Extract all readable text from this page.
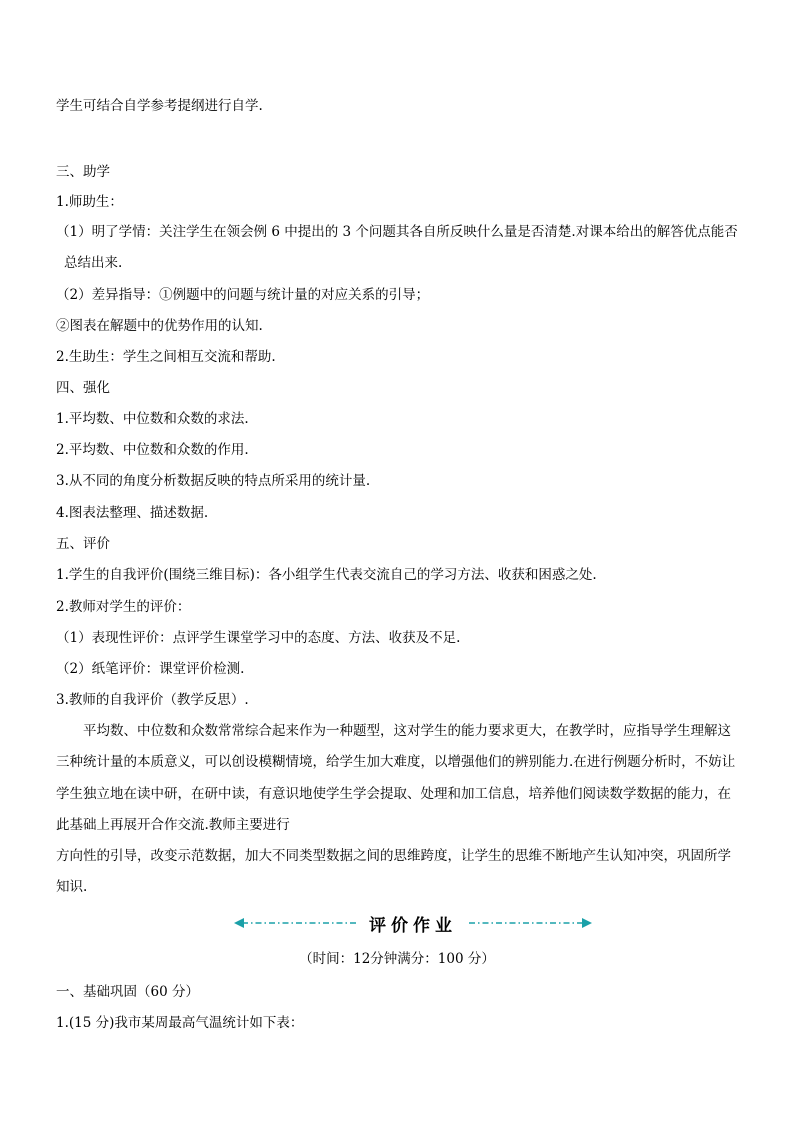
学生可结合自学参考提纲进行自学.
三、助学
1.师助生：
（1）明了学情：关注学生在领会例 6 中提出的 3 个问题其各自所反映什么量是否清楚.对课本给出的解答优点能否
总结出来.
（2）差异指导：①例题中的问题与统计量的对应关系的引导；
②图表在解题中的优势作用的认知.
2.生助生：学生之间相互交流和帮助.
四、强化
1.平均数、中位数和众数的求法.
2.平均数、中位数和众数的作用.
3.从不同的角度分析数据反映的特点所采用的统计量.
4.图表法整理、描述数据.
五、评价
1.学生的自我评价(围绕三维目标)：各小组学生代表交流自己的学习方法、收获和困惑之处.
2.教师对学生的评价：
（1）表现性评价：点评学生课堂学习中的态度、方法、收获及不足.
（2）纸笔评价：课堂评价检测.
3.教师的自我评价（教学反思）.
平均数、中位数和众数常常综合起来作为一种题型，这对学生的能力要求更大，在教学时，应指导学生理解这
三种统计量的本质意义，可以创设模糊情境，给学生加大难度，以增强他们的辨别能力.在进行例题分析时，不妨让
学生独立地在读中研，在研中读，有意识地使学生学会提取、处理和加工信息，培养他们阅读数学数据的能力，在
此基础上再展开合作交流.教师主要进行
方向性的引导，改变示范数据，加大不同类型数据之间的思维跨度，让学生的思维不断地产生认知冲突，巩固所学
知识.
评价作业
（时间：12分钟满分：100 分）
一、基础巩固（60 分）
1.(15 分)我市某周最高气温统计如下表：
